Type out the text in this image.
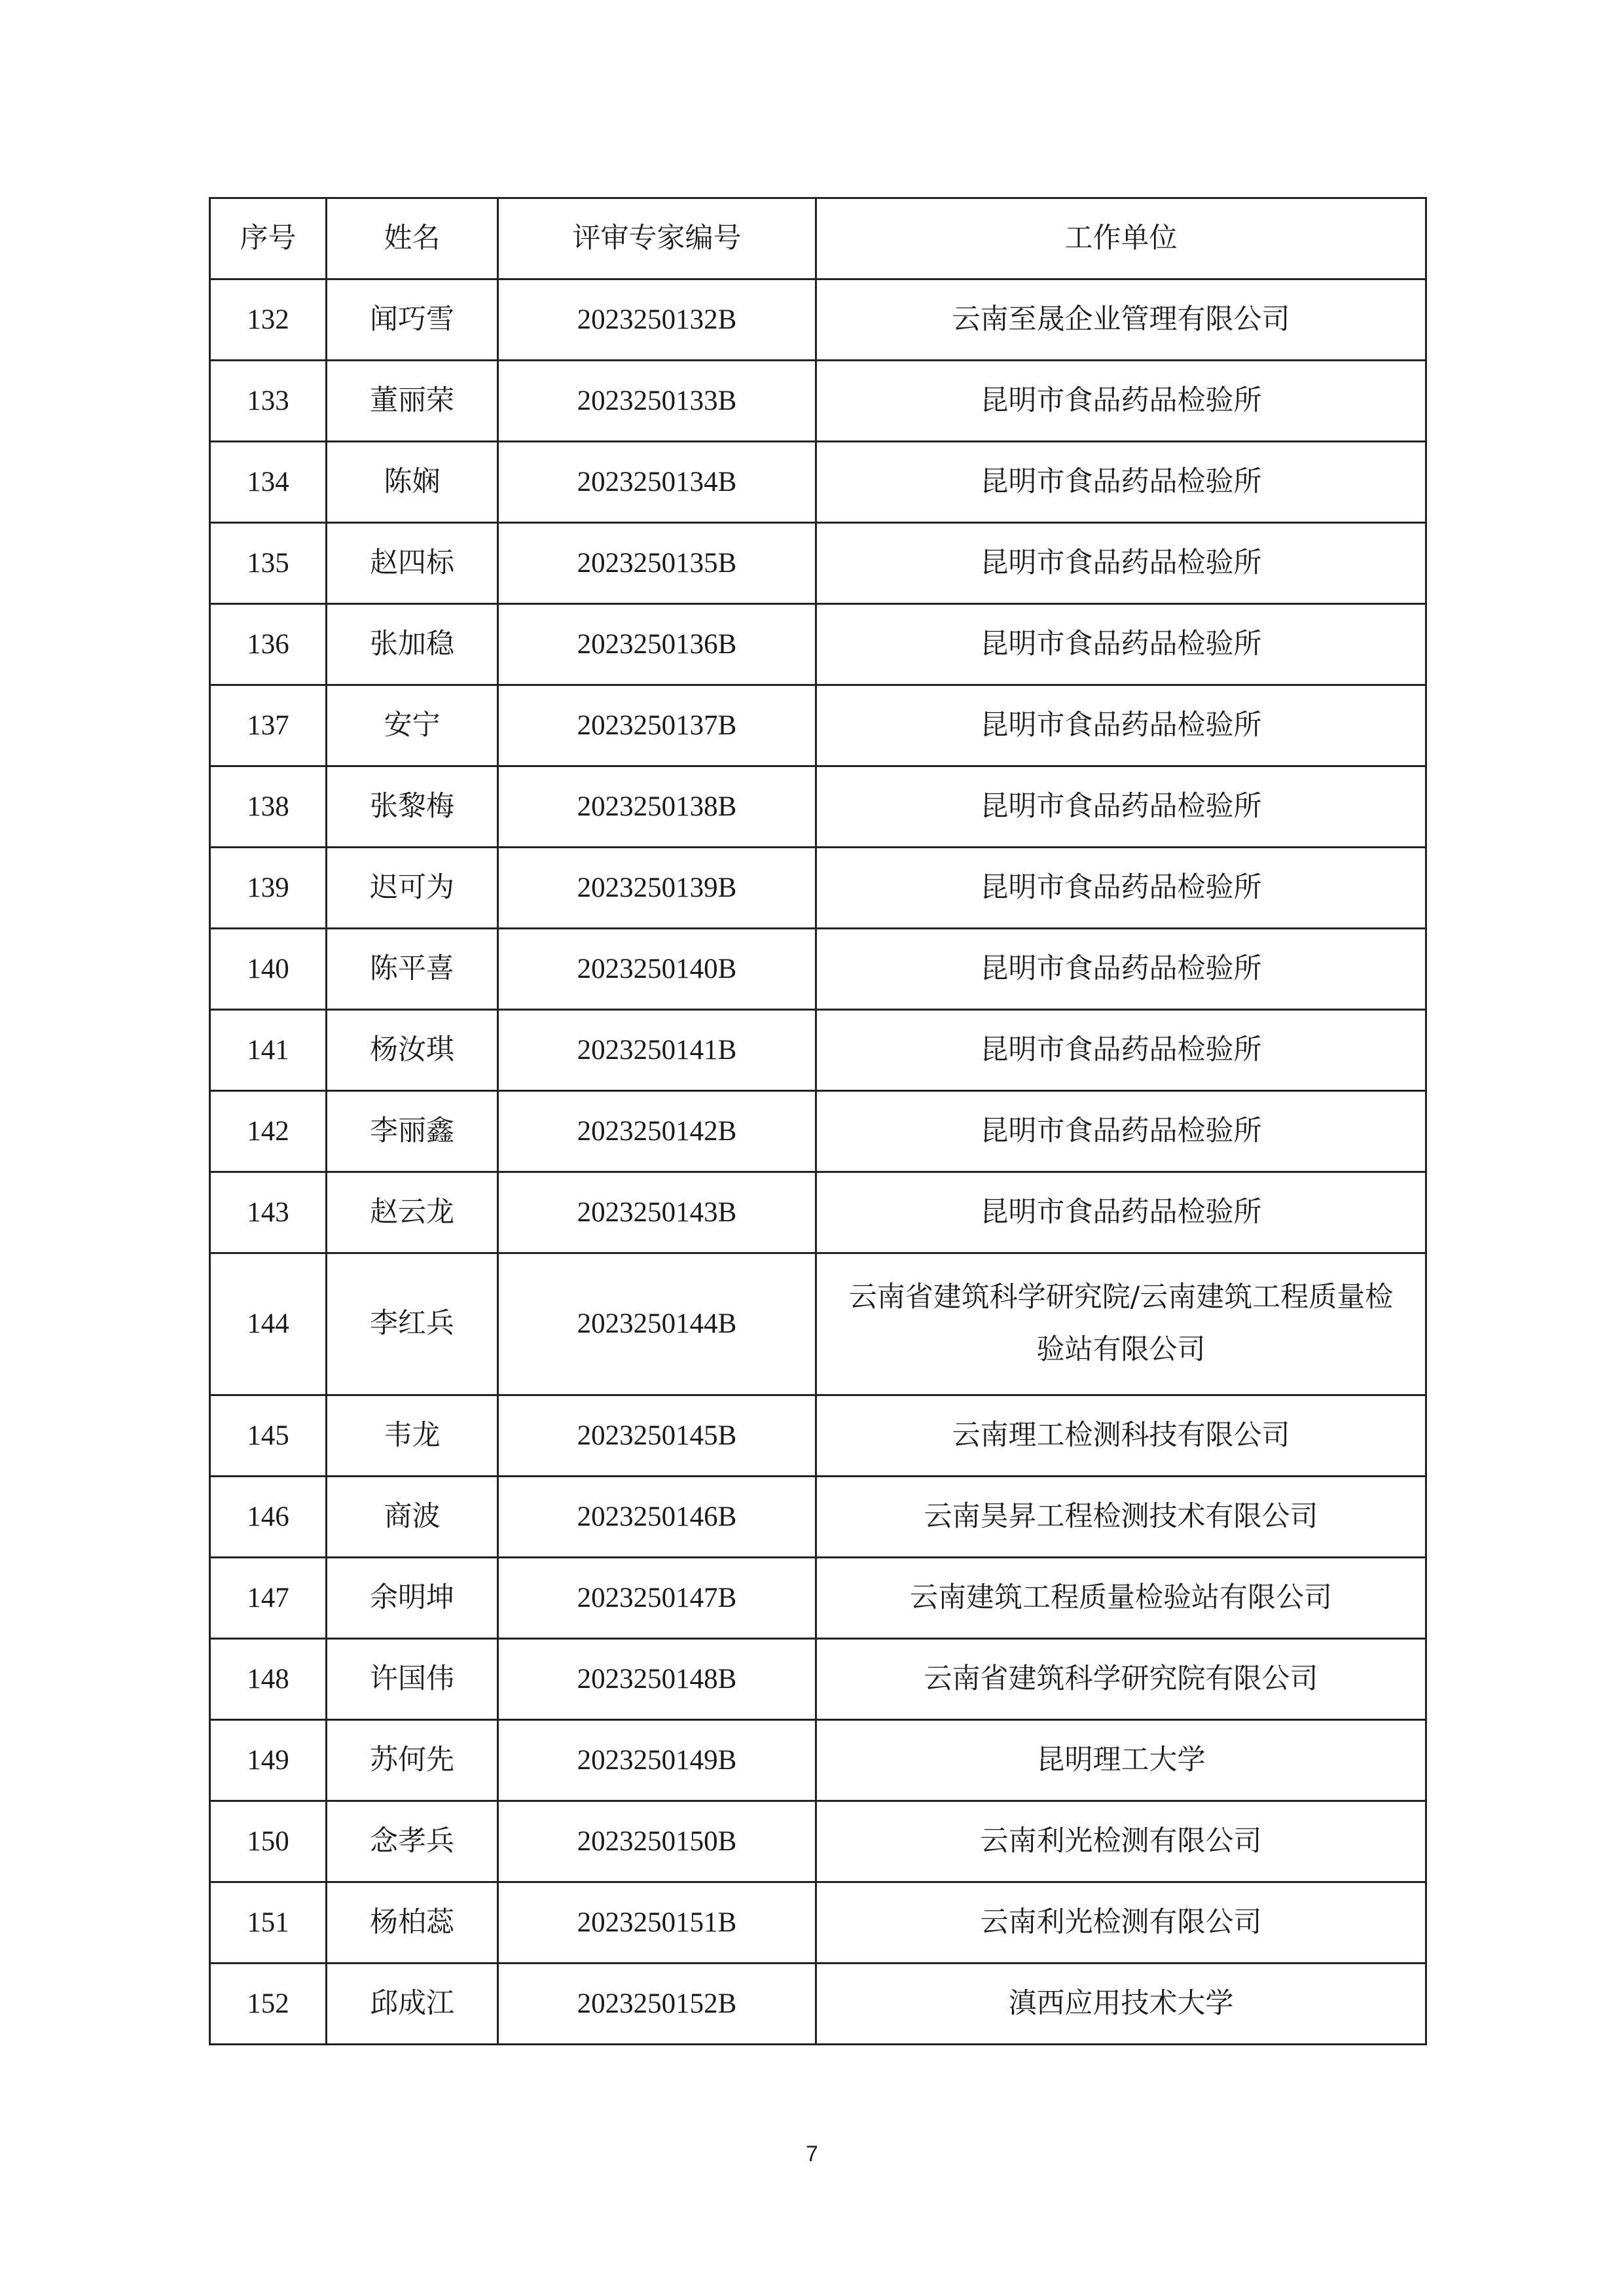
序号	姓名	评审专家编号	工作单位
132	闻巧雪	2023250132B	云南至晟企业管理有限公司
133	董丽荣	2023250133B	昆明市食品药品检验所
134	陈娴	2023250134B	昆明市食品药品检验所
135	赵四标	2023250135B	昆明市食品药品检验所
136	张加稳	2023250136B	昆明市食品药品检验所
137	安宁	2023250137B	昆明市食品药品检验所
138	张黎梅	2023250138B	昆明市食品药品检验所
139	迟可为	2023250139B	昆明市食品药品检验所
140	陈平喜	2023250140B	昆明市食品药品检验所
141	杨汝琪	2023250141B	昆明市食品药品检验所
142	李丽鑫	2023250142B	昆明市食品药品检验所
143	赵云龙	2023250143B	昆明市食品药品检验所
144	李红兵	2023250144B	云南省建筑科学研究院/云南建筑工程质量检验站有限公司
145	韦龙	2023250145B	云南理工检测科技有限公司
146	商波	2023250146B	云南昊昇工程检测技术有限公司
147	余明坤	2023250147B	云南建筑工程质量检验站有限公司
148	许国伟	2023250148B	云南省建筑科学研究院有限公司
149	苏何先	2023250149B	昆明理工大学
150	念孝兵	2023250150B	云南利光检测有限公司
151	杨柏蕊	2023250151B	云南利光检测有限公司
152	邱成江	2023250152B	滇西应用技术大学
7
